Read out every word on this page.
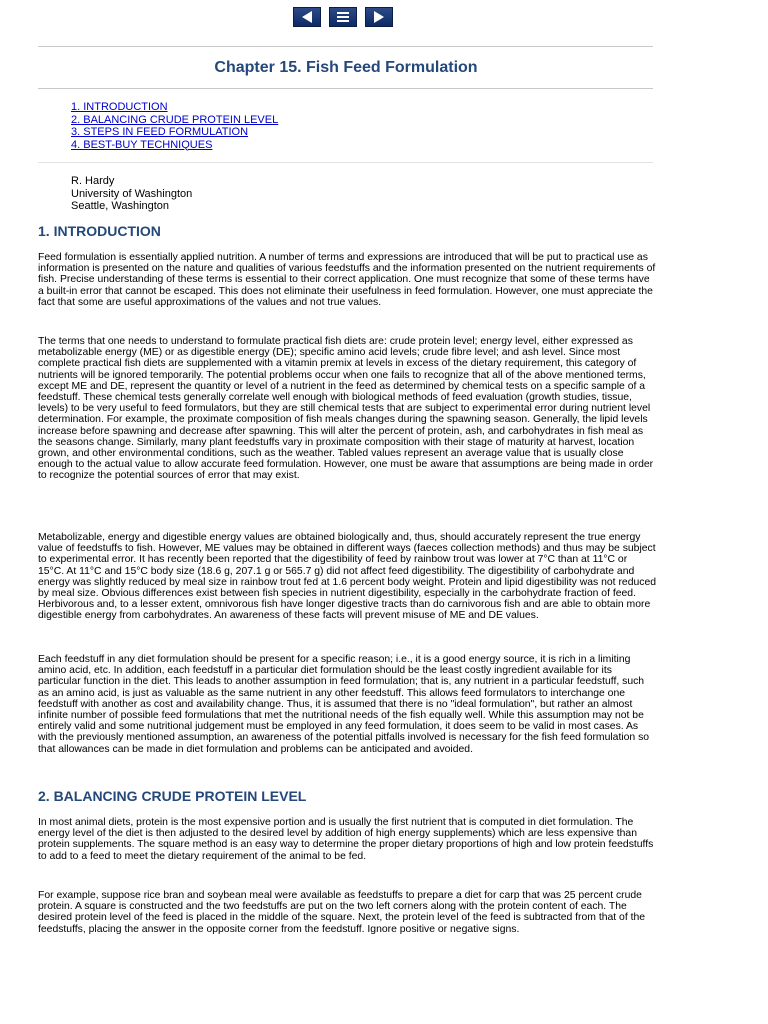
Chapter 15. Fish Feed Formulation
1. INTRODUCTION
2. BALANCING CRUDE PROTEIN LEVEL
3. STEPS IN FEED FORMULATION
4. BEST-BUY TECHNIQUES
R. Hardy
University of Washington
Seattle, Washington
1. INTRODUCTION

Feed formulation is essentially applied nutrition. A number of terms and expressions are introduced that will be put to practical use as information is presented on the nature and qualities of various feedstuffs and the information presented on the nutrient requirements of fish. Precise understanding of these terms is essential to their correct application. One must recognize that some of these terms have a built-in error that cannot be escaped. This does not eliminate their usefulness in feed formulation. However, one must appreciate the fact that some are useful approximations of the values and not true values.

The terms that one needs to understand to formulate practical fish diets are: crude protein level; energy level, either expressed as metabolizable energy (ME) or as digestible energy (DE); specific amino acid levels; crude fibre level; and ash level. Since most complete practical fish diets are supplemented with a vitamin premix at levels in excess of the dietary requirement, this category of nutrients will be ignored temporarily. The potential problems occur when one fails to recognize that all of the above mentioned terms, except ME and DE, represent the quantity or level of a nutrient in the feed as determined by chemical tests on a specific sample of a feedstuff. These chemical tests generally correlate well enough with biological methods of feed evaluation (growth studies, tissue, levels) to be very useful to feed formulators, but they are still chemical tests that are subject to experimental error during nutrient level determination. For example, the proximate composition of fish meals changes during the spawning season. Generally, the lipid levels increase before spawning and decrease after spawning. This will alter the percent of protein, ash, and carbohydrates in fish meal as the seasons change. Similarly, many plant feedstuffs vary in proximate composition with their stage of maturity at harvest, location grown, and other environmental conditions, such as the weather. Tabled values represent an average value that is usually close enough to the actual value to allow accurate feed formulation. However, one must be aware that assumptions are being made in order to recognize the potential sources of error that may exist.

Metabolizable, energy and digestible energy values are obtained biologically and, thus, should accurately represent the true energy value of feedstuffs to fish. However, ME values may be obtained in different ways (faeces collection methods) and thus may be subject to experimental error. It has recently been reported that the digestibility of feed by rainbow trout was lower at 7°C than at 11°C or 15°C. At 11°C and 15°C body size (18.6 g, 207.1 g or 565.7 g) did not affect feed digestibility. The digestibility of carbohydrate and energy was slightly reduced by meal size in rainbow trout fed at 1.6 percent body weight. Protein and lipid digestibility was not reduced by meal size. Obvious differences exist between fish species in nutrient digestibility, especially in the carbohydrate fraction of feed. Herbivorous and, to a lesser extent, omnivorous fish have longer digestive tracts than do carnivorous fish and are able to obtain more digestible energy from carbohydrates. An awareness of these facts will prevent misuse of ME and DE values.

Each feedstuff in any diet formulation should be present for a specific reason; i.e., it is a good energy source, it is rich in a limiting amino acid, etc. In addition, each feedstuff in a particular diet formulation should be the least costly ingredient available for its particular function in the diet. This leads to another assumption in feed formulation; that is, any nutrient in a particular feedstuff, such as an amino acid, is just as valuable as the same nutrient in any other feedstuff. This allows feed formulators to interchange one feedstuff with another as cost and availability change. Thus, it is assumed that there is no "ideal formulation", but rather an almost infinite number of possible feed formulations that met the nutritional needs of the fish equally well. While this assumption may not be entirely valid and some nutritional judgement must be employed in any feed formulation, it does seem to be valid in most cases. As with the previously mentioned assumption, an awareness of the potential pitfalls involved is necessary for the fish feed formulation so that allowances can be made in diet formulation and problems can be anticipated and avoided.

2. BALANCING CRUDE PROTEIN LEVEL

In most animal diets, protein is the most expensive portion and is usually the first nutrient that is computed in diet formulation. The energy level of the diet is then adjusted to the desired level by addition of high energy supplements) which are less expensive than protein supplements. The square method is an easy way to determine the proper dietary proportions of high and low protein feedstuffs to add to a feed to meet the dietary requirement of the animal to be fed.

For example, suppose rice bran and soybean meal were available as feedstuffs to prepare a diet for carp that was 25 percent crude protein. A square is constructed and the two feedstuffs are put on the two left corners along with the protein content of each. The desired protein level of the feed is placed in the middle of the square. Next, the protein level of the feed is subtracted from that of the feedstuffs, placing the answer in the opposite corner from the feedstuff. Ignore positive or negative signs.
